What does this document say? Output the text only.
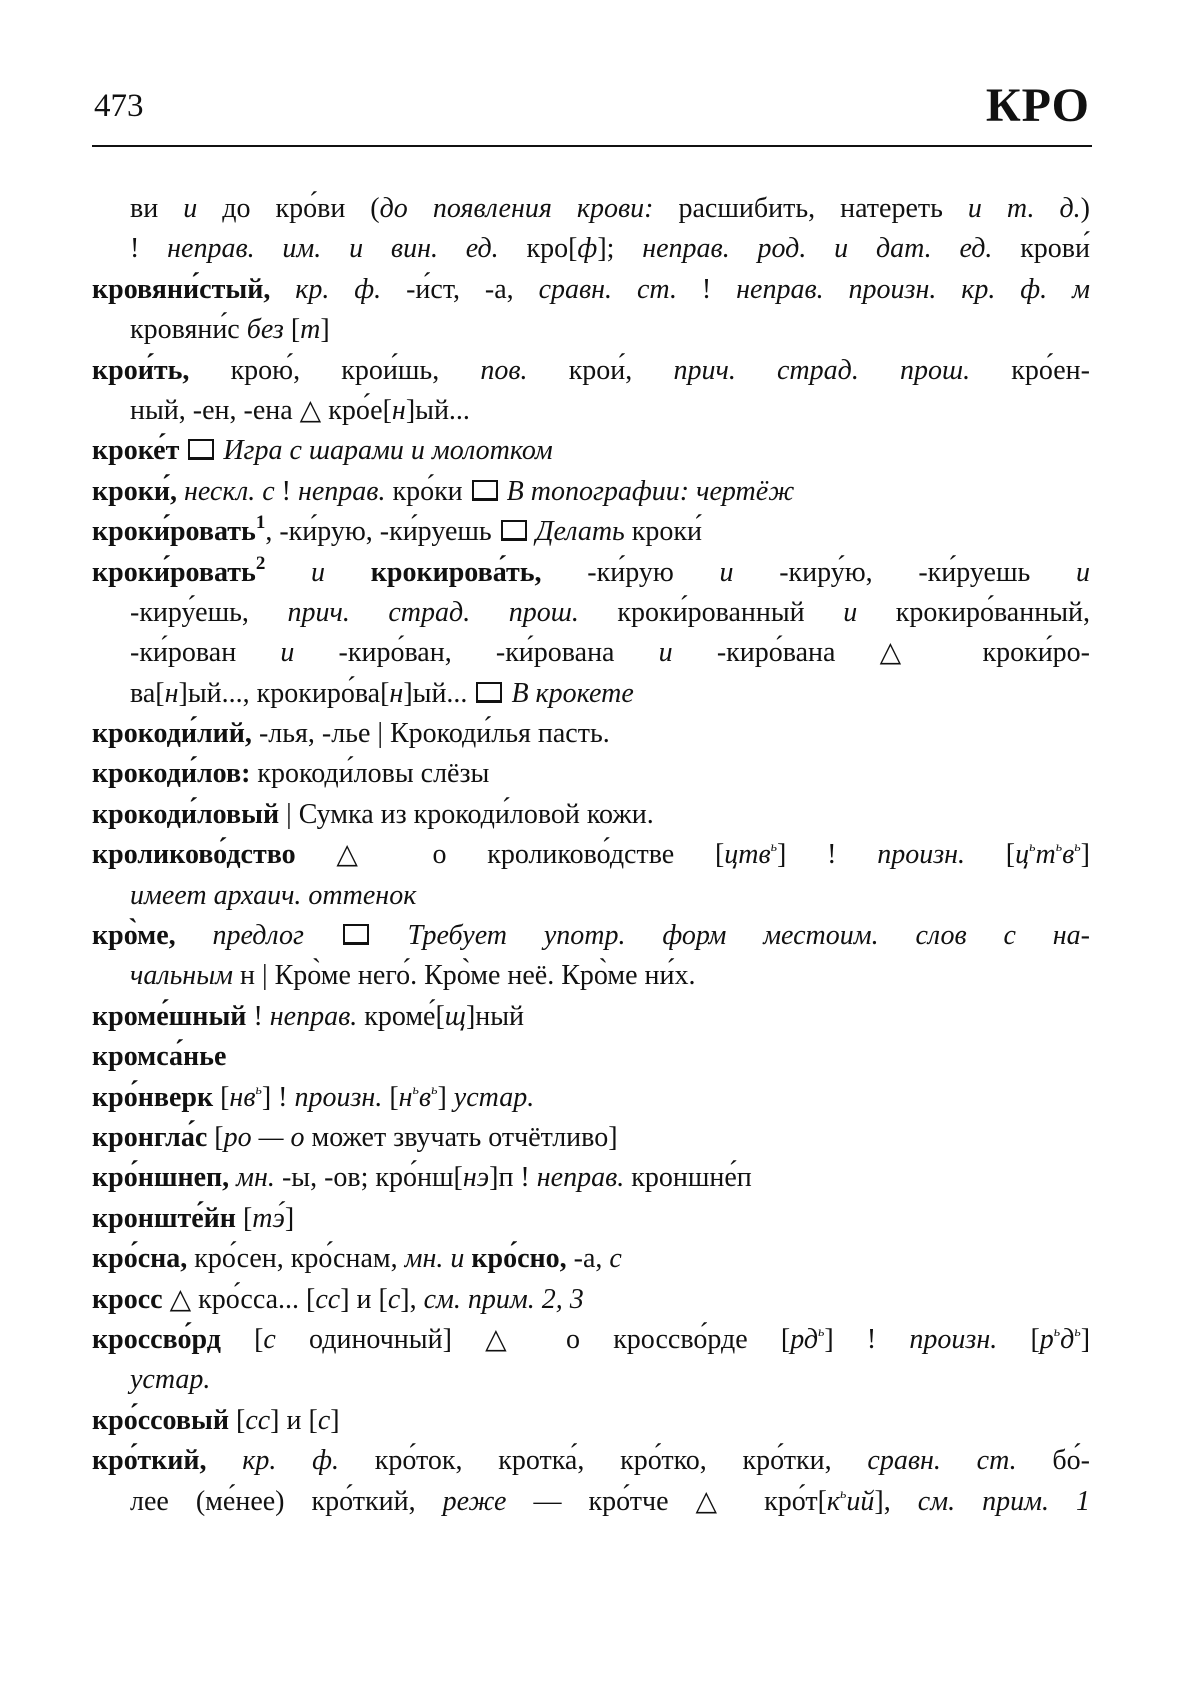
473	КРО
ви и до кро́ви (до появления крови: расшибить, натереть и т. д.)
! неправ. им. и вин. ед. кро[ф]; неправ. род. и дат. ед. крови́
кровяни́стый, кр. ф. -и́ст, -а, сравн. ст. ! неправ. произн. кр. ф. м
кровяни́с без [т]
крои́ть, крою́, крои́шь, пов. крои́, прич. страд. прош. кро́ен-
ный, -ен, -ена △ кро́е[н]ый...
кроке́т  Игра с шарами и молотком
кроки́, нескл. с ! неправ. кро́ки  В топографии: чертёж
кроки́ровать$^1$, -ки́рую, -ки́руешь  Делать кроки́
кроки́ровать$^2$ и крокирова́ть, -ки́рую и -киру́ю, -ки́руешь и
-киру́ешь, прич. страд. прош. кроки́рованный и крокиро́ванный,
-ки́рован и -киро́ван, -ки́рована и -киро́вана △ кроки́ро-
ва[н]ый..., крокиро́ва[н]ый...  В крокете
крокоди́лий, -лья, -лье | Крокоди́лья пасть.
крокоди́лов: крокоди́ловы слёзы
крокоди́ловый | Сумка из крокоди́ловой кожи.
кроликово́дство △ о кроликово́дстве [цтв$^ь$] ! произн. $[ц^ьт^ьв^ь]$
имеет архаич. оттенок
кро̀ме, предлог  Требует употр. форм местоим. слов с на-
чальным н | Кро̀ме него́. Кро̀ме неё. Кро̀ме ни́х.
кроме́шный ! неправ. кроме́[щ]ный
кромса́нье
кро́нверк $[нв^ь]$ ! произн. $[н^ьв^ь]$ устар.
кронгла́с [ро — о может звучать отчётливо]
кро́ншнеп, мн. -ы, -ов; кро́нш[нэ]п ! неправ. кроншне́п
кронште́йн [тэ́]
кро́сна, кро́сен, кро́снам, мн. и кро́сно, -а, с
кросс △ кро́сса... [сс] и [с], см. прим. 2, 3
кроссво́рд [с одиночный] △ о кроссво́рде $[рд^ь]$ ! произн. $[р^ьд^ь]$
устар.
кро́ссовый [сс] и [с]
кро́ткий, кр. ф. кро́ток, кротка́, кро́тко, кро́тки, сравн. ст. бо́-
лее (ме́нее) кро́ткий, реже — кро́тче △ $кро́т[к^ьий]$, см. прим. 1
